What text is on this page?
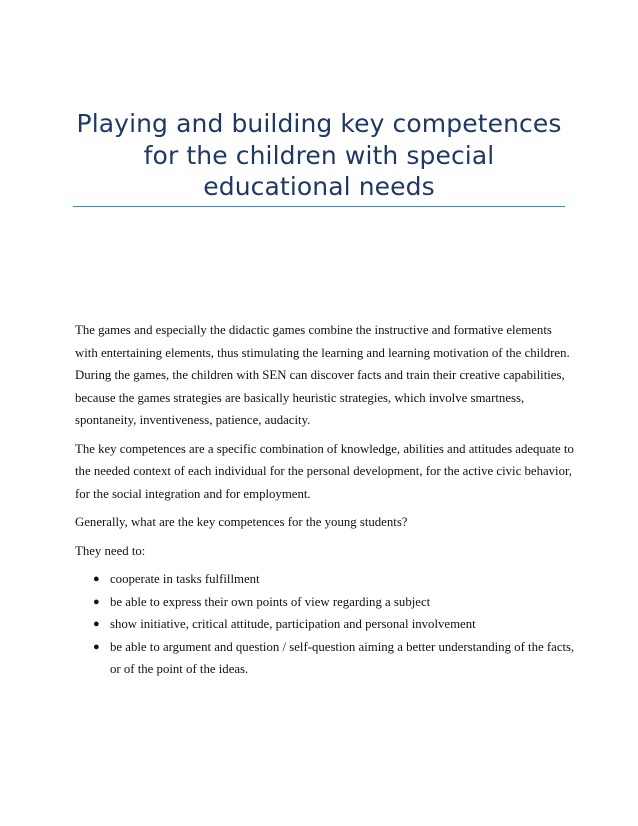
Playing and building key competences for the children with special educational needs

The games and especially the didactic games combine the instructive and formative elements with entertaining elements, thus stimulating the learning and learning motivation of the children. During the games, the children with SEN can discover facts and train their creative capabilities, because the games strategies are basically heuristic strategies, which involve smartness, spontaneity, inventiveness, patience, audacity.

The key competences are a specific combination of knowledge, abilities and attitudes adequate to the needed context of each individual for the personal development, for the active civic behavior, for the social integration and for employment.

Generally, what are the key competences for the young students?

They need to:

● cooperate in tasks fulfillment
● be able to express their own points of view regarding a subject
● show initiative, critical attitude, participation and personal involvement
● be able to argument and question / self-question aiming a better understanding of the facts, or of the point of the ideas.
